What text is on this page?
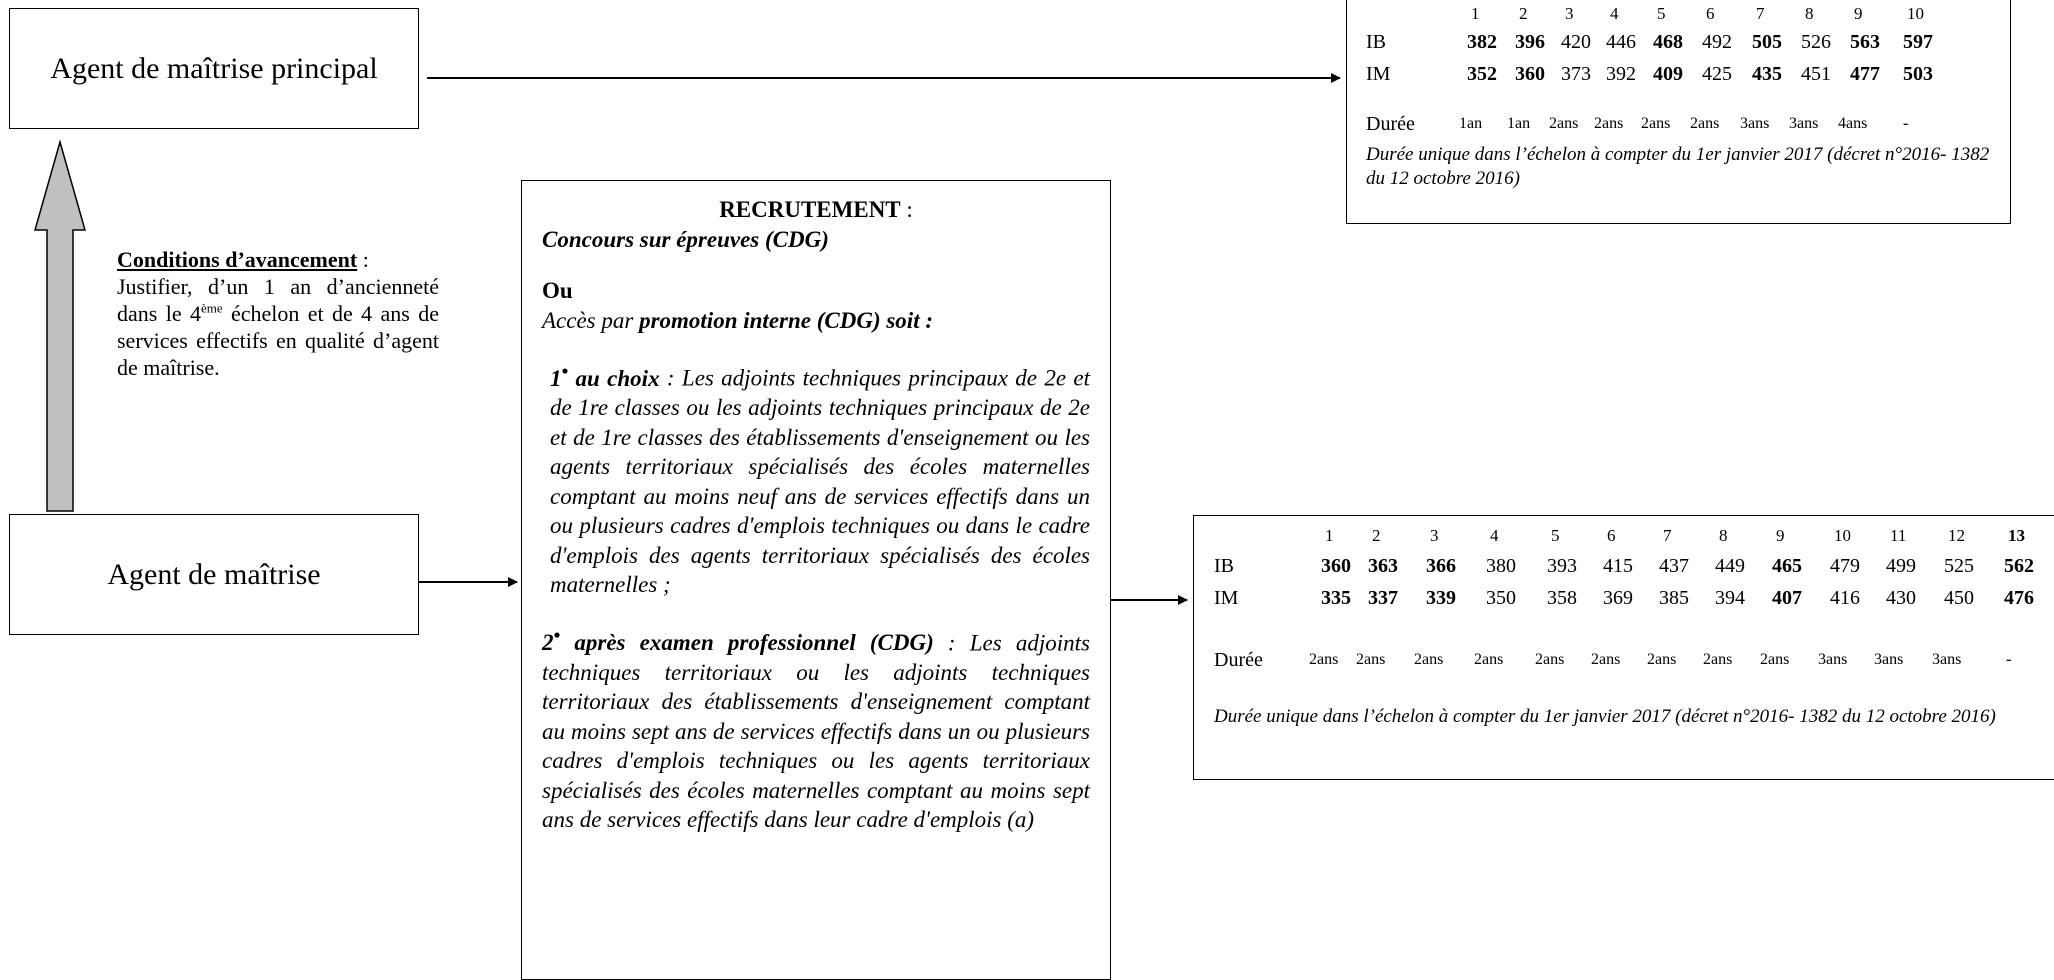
Agent de maîtrise principal
Agent de maîtrise
Conditions d’avancement :
Justifier, d’un 1 an d’ancienneté dans le 4ème échelon et de 4 ans de services effectifs en qualité d’agent de maîtrise.

RECRUTEMENT :

Concours sur épreuves (CDG)

Ou

Accès par promotion interne (CDG) soit :

1• au choix : Les adjoints techniques principaux de 2e et de 1re classes ou les adjoints techniques principaux de 2e et de 1re classes des établissements d'enseignement ou les agents territoriaux spécialisés des écoles maternelles comptant au moins neuf ans de services effectifs dans un ou plusieurs cadres d'emplois techniques ou dans le cadre d'emplois des agents territoriaux spécialisés des écoles maternelles ;

2• après examen professionnel (CDG) : Les adjoints techniques territoriaux ou les adjoints techniques territoriaux des établissements d'enseignement comptant au moins sept ans de services effectifs dans un ou plusieurs cadres d'emplois techniques ou les agents territoriaux spécialisés des écoles maternelles comptant au moins sept ans de services effectifs dans leur cadre d'emplois (a)

IB
IM
Durée
1
382
352
1an
2
396
360
1an
3
420
373
2ans
4
446
392
2ans
5
468
409
2ans
6
492
425
2ans
7
505
435
3ans
8
526
451
3ans
9
563
477
4ans
10
597
503
-
Durée unique dans l’échelon à compter du 1er janvier 2017 (décret n°2016- 1382 du 12 octobre 2016)
IB
IM
Durée
1
360
335
2ans
2
363
337
2ans
3
366
339
2ans
4
380
350
2ans
5
393
358
2ans
6
415
369
2ans
7
437
385
2ans
8
449
394
2ans
9
465
407
2ans
10
479
416
3ans
11
499
430
3ans
12
525
450
3ans
13
562
476
-
Durée unique dans l’échelon à compter du 1er janvier 2017 (décret n°2016- 1382 du 12 octobre 2016)
